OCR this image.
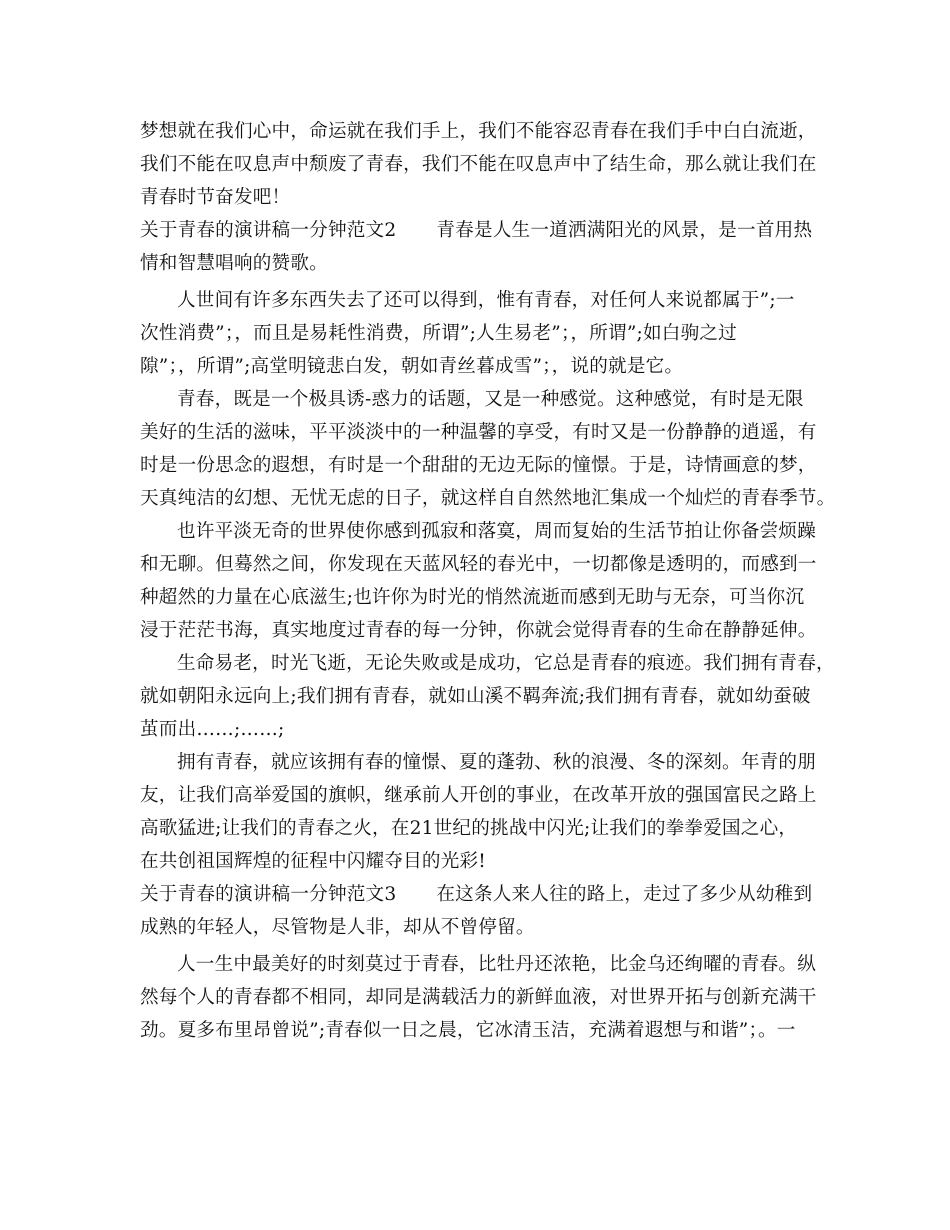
梦想就在我们心中，命运就在我们手上，我们不能容忍青春在我们手中白白流逝，
我们不能在叹息声中颓废了青春，我们不能在叹息声中了结生命，那么就让我们在
青春时节奋发吧！
关于青春的演讲稿一分钟范文2 青春是人生一道洒满阳光的风景，是一首用热
情和智慧唱响的赞歌。
人世间有许多东西失去了还可以得到，惟有青春，对任何人来说都属于”;一
次性消费”；，而且是易耗性消费，所谓”;人生易老”；，所谓”;如白驹之过
隙”；，所谓”;高堂明镜悲白发，朝如青丝暮成雪”；，说的就是它。
青春，既是一个极具诱-惑力的话题，又是一种感觉。这种感觉，有时是无限
美好的生活的滋味，平平淡淡中的一种温馨的享受，有时又是一份静静的逍遥，有
时是一份思念的遐想，有时是一个甜甜的无边无际的憧憬。于是，诗情画意的梦，
天真纯洁的幻想、无忧无虑的日子，就这样自自然然地汇集成一个灿烂的青春季节。
也许平淡无奇的世界使你感到孤寂和落寞，周而复始的生活节拍让你备尝烦躁
和无聊。但蓦然之间，你发现在天蓝风轻的春光中，一切都像是透明的，而感到一
种超然的力量在心底滋生;也许你为时光的悄然流逝而感到无助与无奈，可当你沉
浸于茫茫书海，真实地度过青春的每一分钟，你就会觉得青春的生命在静静延伸。
生命易老，时光飞逝，无论失败或是成功，它总是青春的痕迹。我们拥有青春，
就如朝阳永远向上;我们拥有青春，就如山溪不羁奔流;我们拥有青春，就如幼蚕破
茧而出……;……;
拥有青春，就应该拥有春的憧憬、夏的蓬勃、秋的浪漫、冬的深刻。年青的朋
友，让我们高举爱国的旗帜，继承前人开创的事业，在改革开放的强国富民之路上
高歌猛进;让我们的青春之火，在21世纪的挑战中闪光;让我们的拳拳爱国之心，
在共创祖国辉煌的征程中闪耀夺目的光彩!
关于青春的演讲稿一分钟范文3 在这条人来人往的路上，走过了多少从幼稚到
成熟的年轻人，尽管物是人非，却从不曾停留。
人一生中最美好的时刻莫过于青春，比牡丹还浓艳，比金乌还绚曜的青春。纵
然每个人的青春都不相同，却同是满载活力的新鲜血液，对世界开拓与创新充满干
劲。夏多布里昂曾说”;青春似一日之晨，它冰清玉洁，充满着遐想与和谐”；。一
